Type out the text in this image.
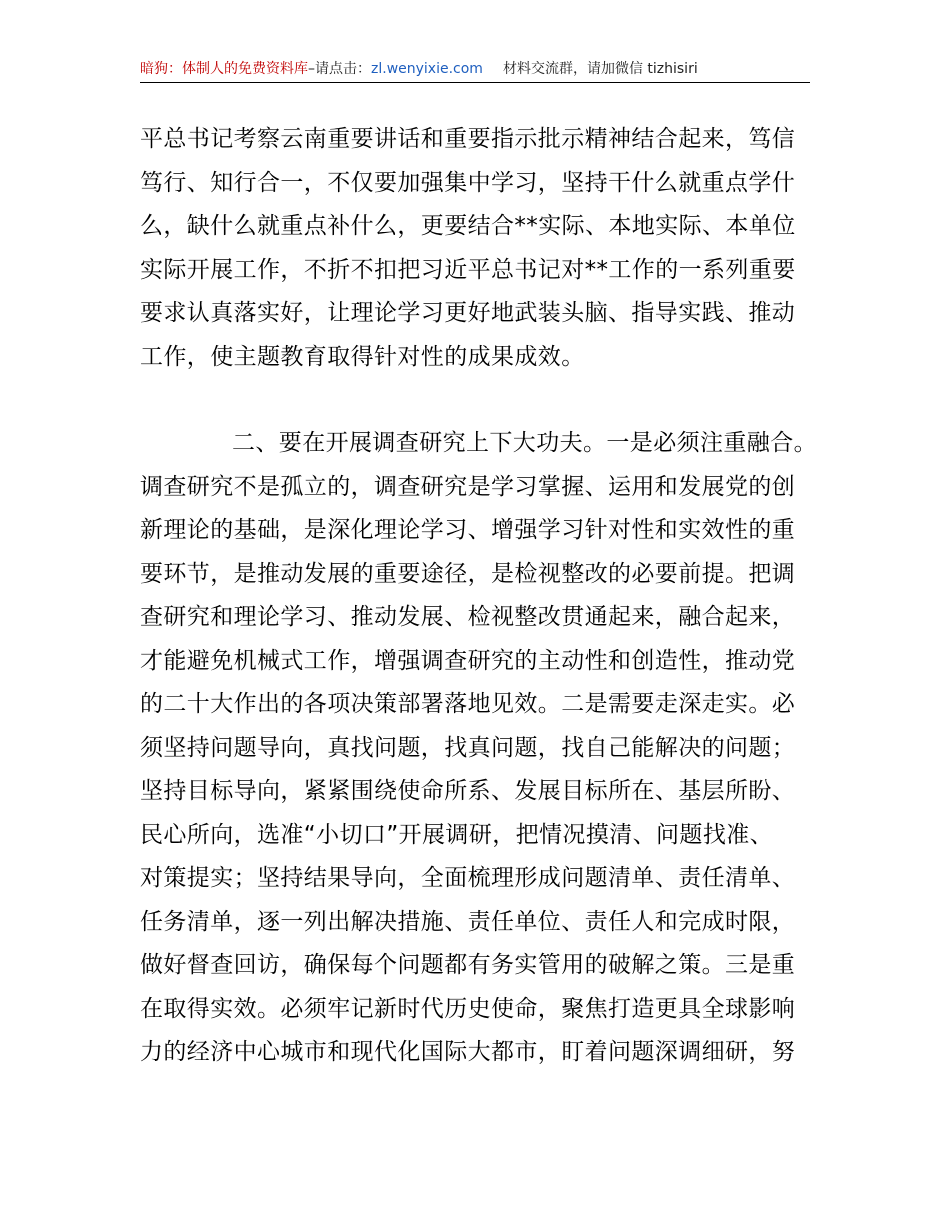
暗狗：体制人的免费资料库–请点击：zl.wenyixie.com 材料交流群，请加微信 tizhisiri
平总书记考察云南重要讲话和重要指示批示精神结合起来，笃信
笃行、知行合一，不仅要加强集中学习，坚持干什么就重点学什
么，缺什么就重点补什么，更要结合**实际、本地实际、本单位
实际开展工作，不折不扣把习近平总书记对**工作的一系列重要
要求认真落实好，让理论学习更好地武装头脑、指导实践、推动
工作，使主题教育取得针对性的成果成效。
二、要在开展调查研究上下大功夫。一是必须注重融合。
调查研究不是孤立的，调查研究是学习掌握、运用和发展党的创
新理论的基础，是深化理论学习、增强学习针对性和实效性的重
要环节，是推动发展的重要途径，是检视整改的必要前提。把调
查研究和理论学习、推动发展、检视整改贯通起来，融合起来，
才能避免机械式工作，增强调查研究的主动性和创造性，推动党
的二十大作出的各项决策部署落地见效。二是需要走深走实。必
须坚持问题导向，真找问题，找真问题，找自己能解决的问题；
坚持目标导向，紧紧围绕使命所系、发展目标所在、基层所盼、
民心所向，选准“小切口”开展调研，把情况摸清、问题找准、
对策提实；坚持结果导向，全面梳理形成问题清单、责任清单、
任务清单，逐一列出解决措施、责任单位、责任人和完成时限，
做好督查回访，确保每个问题都有务实管用的破解之策。三是重
在取得实效。必须牢记新时代历史使命，聚焦打造更具全球影响
力的经济中心城市和现代化国际大都市，盯着问题深调细研，努
